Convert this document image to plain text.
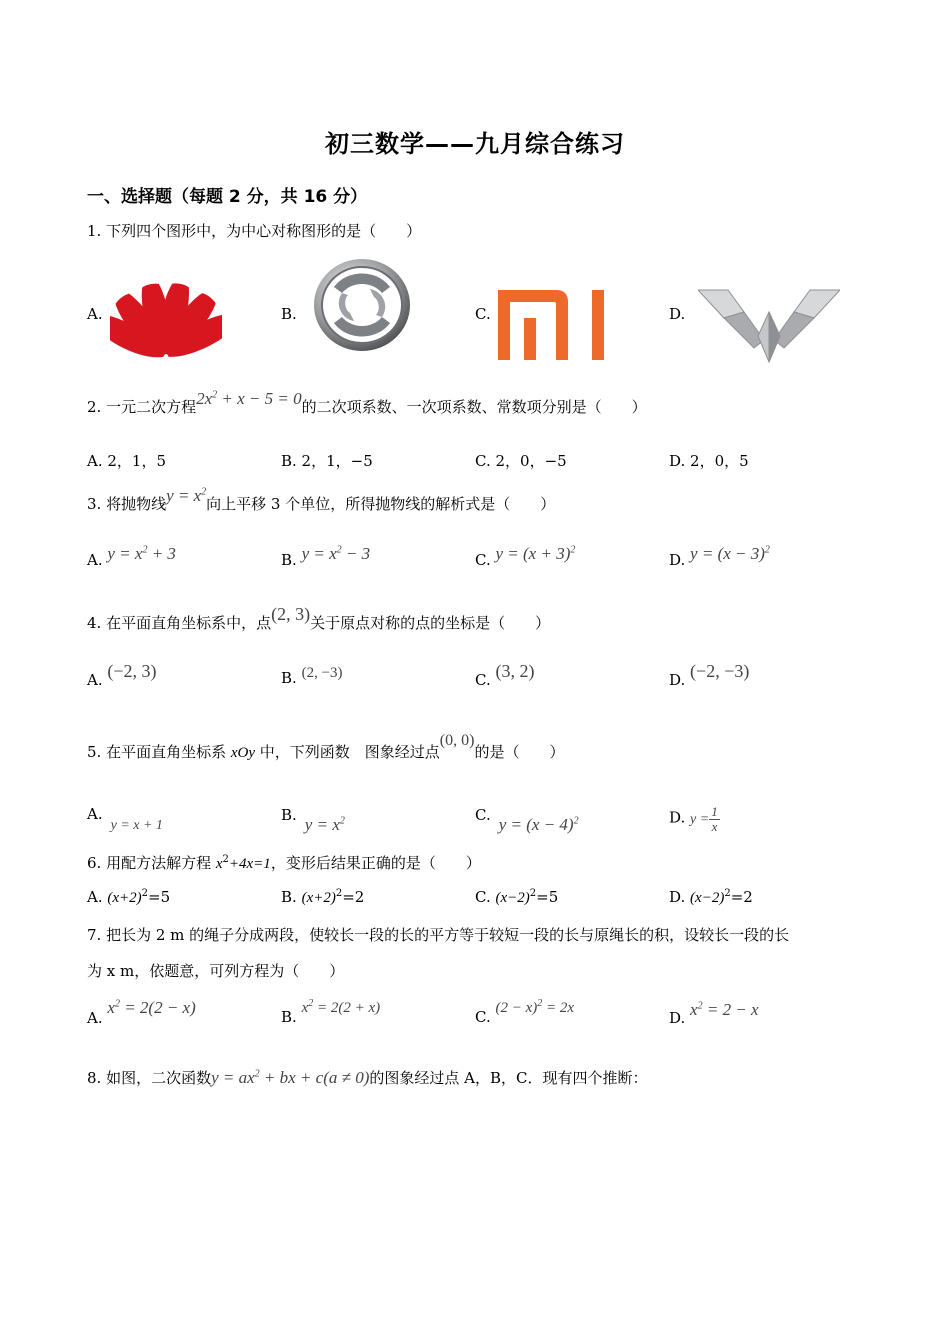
初三数学——九月综合练习
一、选择题（每题 2 分，共 16 分）
1. 下列四个图形中，为中心对称图形的是（　　）
A.	B.	C.	D.
2. 一元二次方程$2x^2 + x - 5 = 0$的二次项系数、一次项系数、常数项分别是（　　）
A. 2，1，5	B. 2，1，−5	C. 2，0，−5	D. 2，0，5
3. 将抛物线$y = x^2$向上平移 3 个单位，所得抛物线的解析式是（　　）
A. $y = x^2 + 3$	B. $y = x^2 - 3$	C. $y = (x + 3)^2$
D. $y = (x - 3)^2$
4. 在平面直角坐标系中，点(2, 3)关于原点对称的点的坐标是（　　）
A. (−2, 3)	B. (2, −3)	C. (3, 2)	D. (−2, −3)
5. 在平面直角坐标系 xOy 中，下列函数　图象经过点(0, 0)的是（　　）
A.y = x + 1
B. $y = x^2$	C. $y = (x - 4)^2$	D. $y = \frac{1}{x}$
6. 用配方法解方程 $x^2+4x=1$，变形后结果正确的是（　　）
A. $(x+2)^2=5$	B. $(x+2)^2=2$	C. $(x-2)^2=5$	D. $(x-2)^2=2$
7. 把长为 2 m 的绳子分成两段，使较长一段的长的平方等于较短一段的长与原绳长的积，设较长一段的长
为 x m，依题意，可列方程为（　　）
A. $x^2 = 2(2 - x)$	B. $x^2 = 2(2 + x)$	C. $(2 - x)^2 = 2x$
D. $x^2 = 2 - x$
8. 如图，二次函数$y = ax^2$ + bx + c(a ≠ 0)的图象经过点 A，B，C．现有四个推断：
